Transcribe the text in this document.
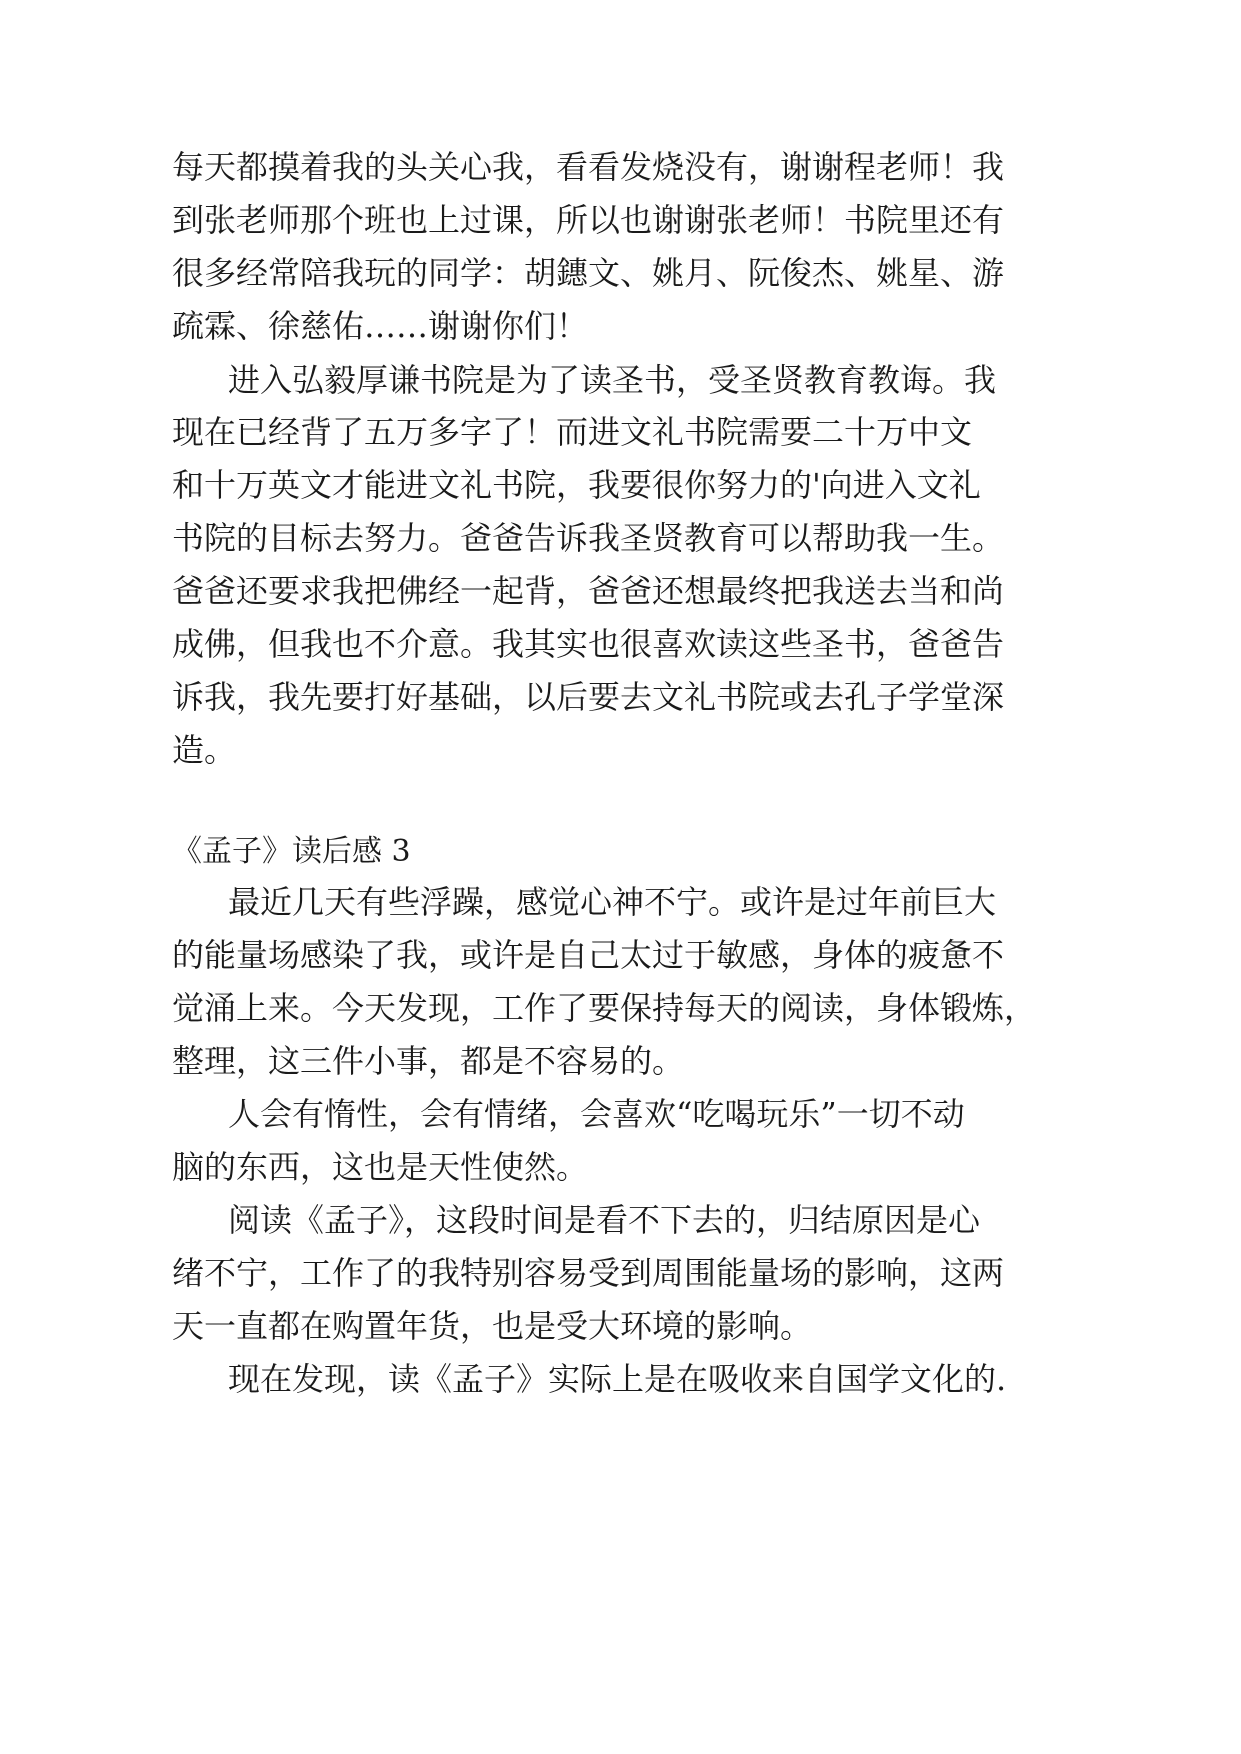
每天都摸着我的头关心我，看看发烧没有，谢谢程老师！我
到张老师那个班也上过课，所以也谢谢张老师！书院里还有
很多经常陪我玩的同学：胡鏸文、姚月、阮俊杰、姚星、游
疏霖、徐慈佑……谢谢你们！
进入弘毅厚谦书院是为了读圣书，受圣贤教育教诲。我
现在已经背了五万多字了！而进文礼书院需要二十万中文
和十万英文才能进文礼书院，我要很你努力的'向进入文礼
书院的目标去努力。爸爸告诉我圣贤教育可以帮助我一生。
爸爸还要求我把佛经一起背，爸爸还想最终把我送去当和尚
成佛，但我也不介意。我其实也很喜欢读这些圣书，爸爸告
诉我，我先要打好基础，以后要去文礼书院或去孔子学堂深
造。
《孟子》读后感 3
最近几天有些浮躁，感觉心神不宁。或许是过年前巨大
的能量场感染了我，或许是自己太过于敏感，身体的疲惫不
觉涌上来。今天发现，工作了要保持每天的阅读，身体锻炼，
整理，这三件小事，都是不容易的。
人会有惰性，会有情绪，会喜欢“吃喝玩乐”一切不动
脑的东西，这也是天性使然。
阅读《孟子》，这段时间是看不下去的，归结原因是心
绪不宁，工作了的我特别容易受到周围能量场的影响，这两
天一直都在购置年货，也是受大环境的影响。
现在发现，读《孟子》实际上是在吸收来自国学文化的.
